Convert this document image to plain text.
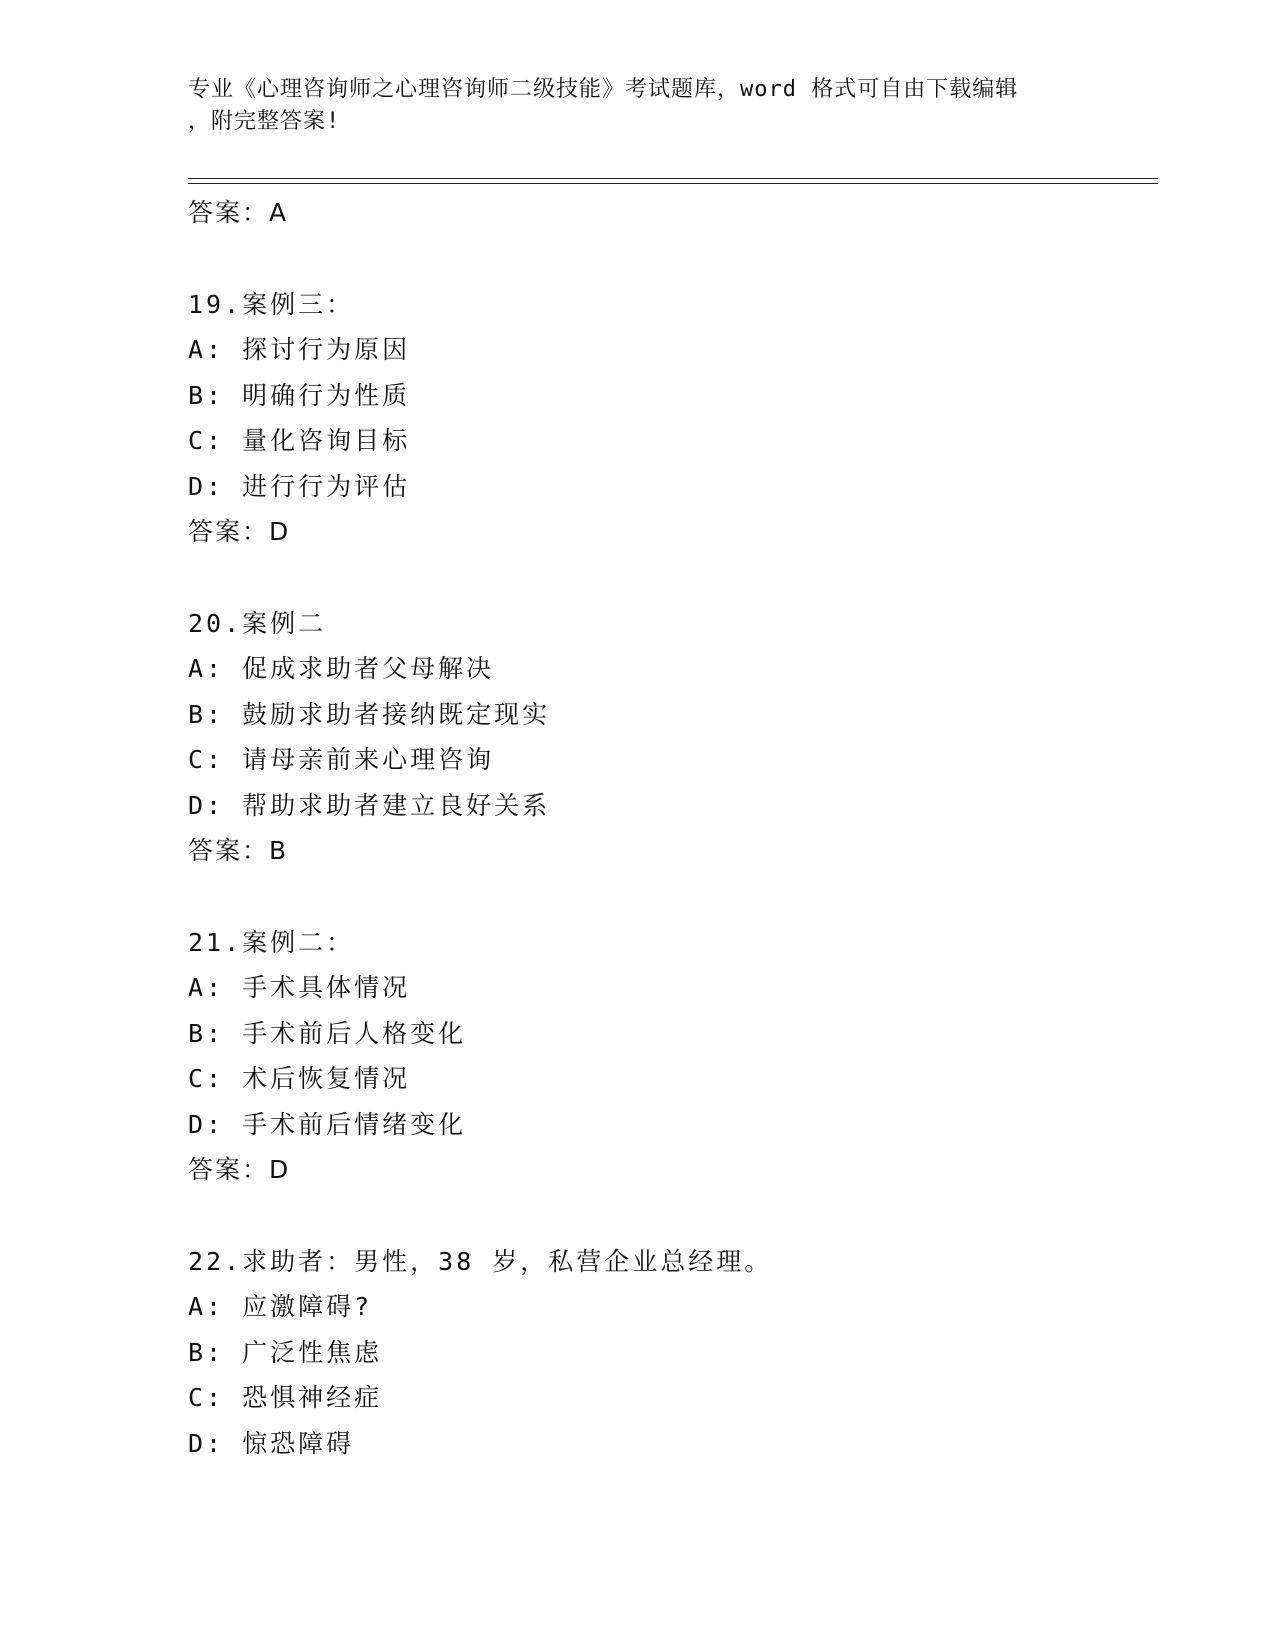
专业《心理咨询师之心理咨询师二级技能》考试题库，word 格式可自由下载编辑
，附完整答案!
答案：A
19.案例三：
A: 探讨行为原因
B: 明确行为性质
C: 量化咨询目标
D: 进行行为评估
答案：D
20.案例二
A: 促成求助者父母解决
B: 鼓励求助者接纳既定现实
C: 请母亲前来心理咨询
D: 帮助求助者建立良好关系
答案：B
21.案例二：
A: 手术具体情况
B: 手术前后人格变化
C: 术后恢复情况
D: 手术前后情绪变化
答案：D
22.求助者：男性，38 岁，私营企业总经理。
A: 应激障碍?
B: 广泛性焦虑
C: 恐惧神经症
D: 惊恐障碍
